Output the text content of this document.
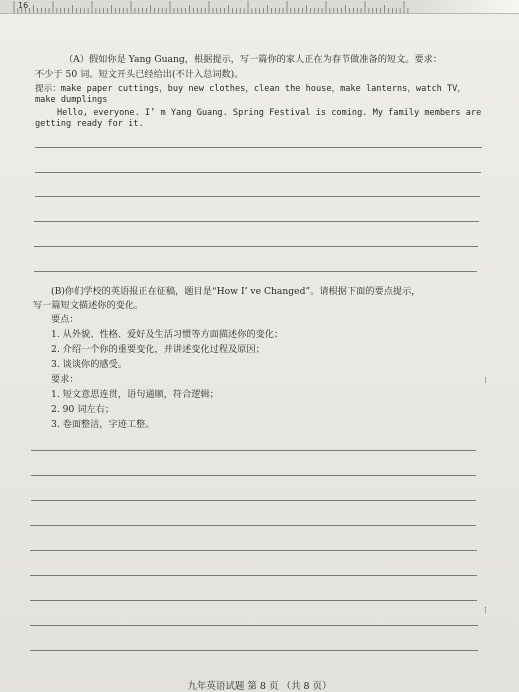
16
（A）假如你是 Yang Guang，根据提示，写一篇你的家人正在为春节做准备的短文。要求：
不少于 50 词。短文开头已经给出(不计入总词数)。
提示：make paper cuttings，buy new clothes，clean the house，make lanterns，watch TV，
make dumplings
Hello, everyone. I’ m Yang Guang. Spring Festival is coming. My family members are
getting ready for it.
(B)你们学校的英语报正在征稿，题目是“How I’ ve Changed”。请根据下面的要点提示，
写一篇短文描述你的变化。
要点：
1. 从外貌、性格、爱好及生活习惯等方面描述你的变化；
2. 介绍一个你的重要变化，并讲述变化过程及原因；
3. 谈谈你的感受。
要求：
1. 短文意思连贯，语句通顺，符合逻辑；
2. 90 词左右；
3. 卷面整洁，字迹工整。
⁝
⁝
九年英语试题 第 8 页 （共 8 页）
